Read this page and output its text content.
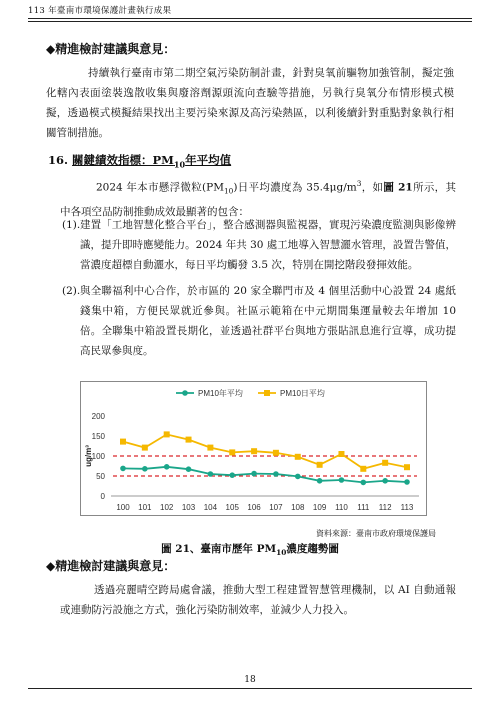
113 年臺南市環境保護計畫執行成果
◆精進檢討建議與意見：
持續執行臺南市第二期空氣污染防制計畫，針對臭氧前驅物加強管制，擬定強化轄內表面塗裝逸散收集與廢溶劑源頭流向查驗等措施，另執行臭氧分布情形模式模擬，透過模式模擬結果找出主要污染來源及高污染熱區，以利後續針對重點對象執行相關管制措施。
16. 關鍵績效指標：$PM_{10}$年平均值
2024 年本市懸浮微粒$(PM_{10})$日平均濃度為 $35.4\mu g/m^3$，如圖 21所示，其中各項空品防制推動成效最顯著的包含：
(1). 建置「工地智慧化整合平台」，整合感測器與監視器，實現污染濃度監測與影像辨識，提升即時應變能力。2024 年共 30 處工地導入智慧灑水管理，設置告警值，當濃度超標自動灑水，每日平均觸發 3.5 次，特別在開挖階段發揮效能。
(2). 與全聯福利中心合作，於市區的 20 家全聯門市及 4 個里活動中心設置 24 處紙錢集中箱，方便民眾就近參與。社區示範箱在中元期間集運量較去年增加 10 倍。全聯集中箱設置長期化，並透過社群平台與地方張貼訊息進行宣導，成功提高民眾參與度。
0
50
100
150
200
ug/m³
100 101 102 103 104 105 106 107 108 109 110 111 112 113
PM10年平均	PM10日平均
資料來源：臺南市政府環境保護局
圖 21、臺南市歷年 $PM_{10}$濃度趨勢圖
◆精進檢討建議與意見：
透過亮麗晴空跨局處會議，推動大型工程建置智慧管理機制，以 AI 自動通報或連動防污設施之方式，強化污染防制效率，並減少人力投入。
18
